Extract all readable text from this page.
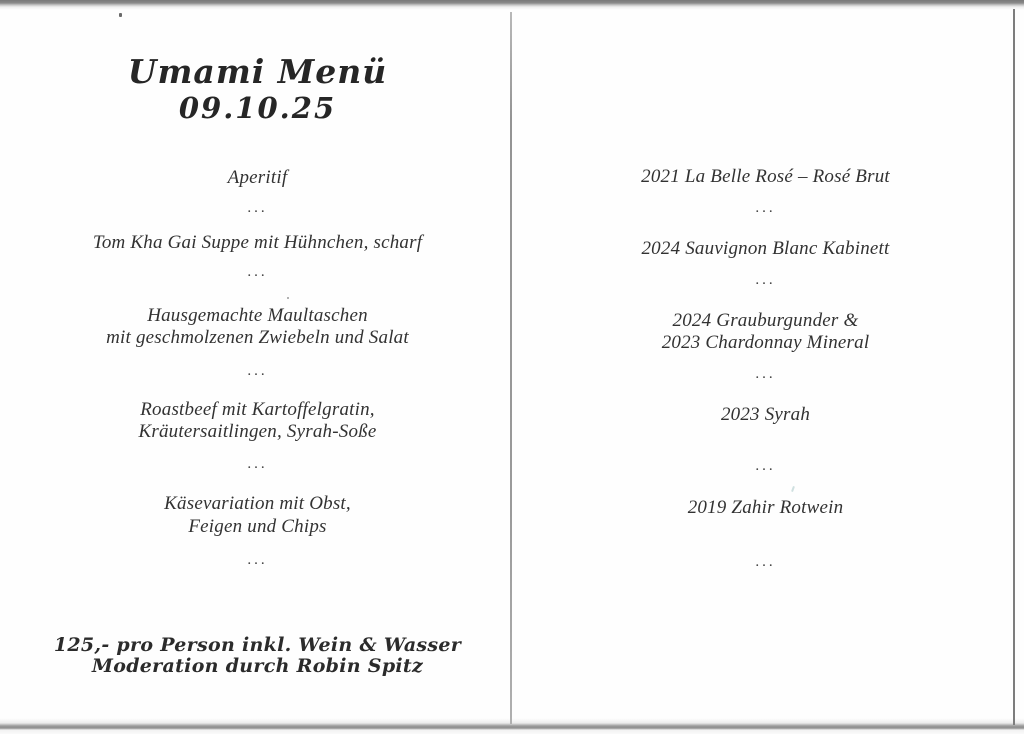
Umami Menü
09.10.25
Aperitif
...
Tom Kha Gai Suppe mit Hühnchen, scharf
...
Hausgemachte Maultaschen
mit geschmolzenen Zwiebeln und Salat
...
Roastbeef mit Kartoffelgratin,
Kräutersaitlingen, Syrah-Soße
...
Käsevariation mit Obst,
Feigen und Chips
...
125,- pro Person inkl. Wein & Wasser
Moderation durch Robin Spitz
2021 La Belle Rosé – Rosé Brut
...
2024 Sauvignon Blanc Kabinett
...
2024 Grauburgunder &
2023 Chardonnay Mineral
...
2023 Syrah
...
2019 Zahir Rotwein
...
